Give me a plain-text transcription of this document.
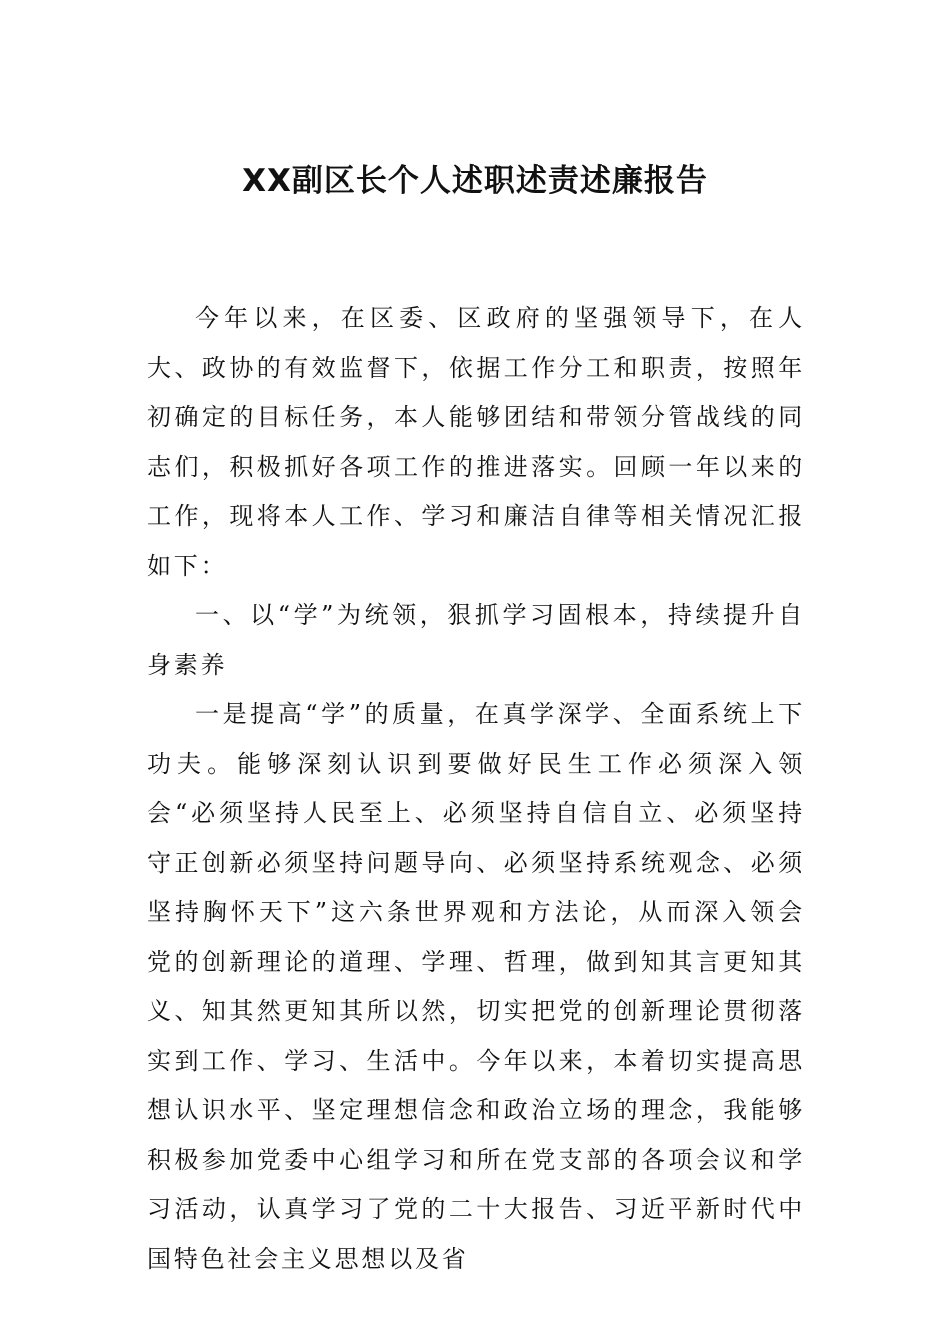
XX副区长个人述职述责述廉报告

今年以来，在区委、区政府的坚强领导下，在人大、政协的有效监督下，依据工作分工和职责，按照年初确定的目标任务，本人能够团结和带领分管战线的同志们，积极抓好各项工作的推进落实。回顾一年以来的工作，现将本人工作、学习和廉洁自律等相关情况汇报如下：

一、以“学”为统领，狠抓学习固根本，持续提升自身素养

一是提高“学”的质量，在真学深学、全面系统上下功夫。能够深刻认识到要做好民生工作必须深入领会“必须坚持人民至上、必须坚持自信自立、必须坚持守正创新必须坚持问题导向、必须坚持系统观念、必须坚持胸怀天下”这六条世界观和方法论，从而深入领会党的创新理论的道理、学理、哲理，做到知其言更知其义、知其然更知其所以然，切实把党的创新理论贯彻落实到工作、学习、生活中。今年以来，本着切实提高思想认识水平、坚定理想信念和政治立场的理念，我能够积极参加党委中心组学习和所在党支部的各项会议和学习活动，认真学习了党的二十大报告、习近平新时代中国特色社会主义思想以及省
